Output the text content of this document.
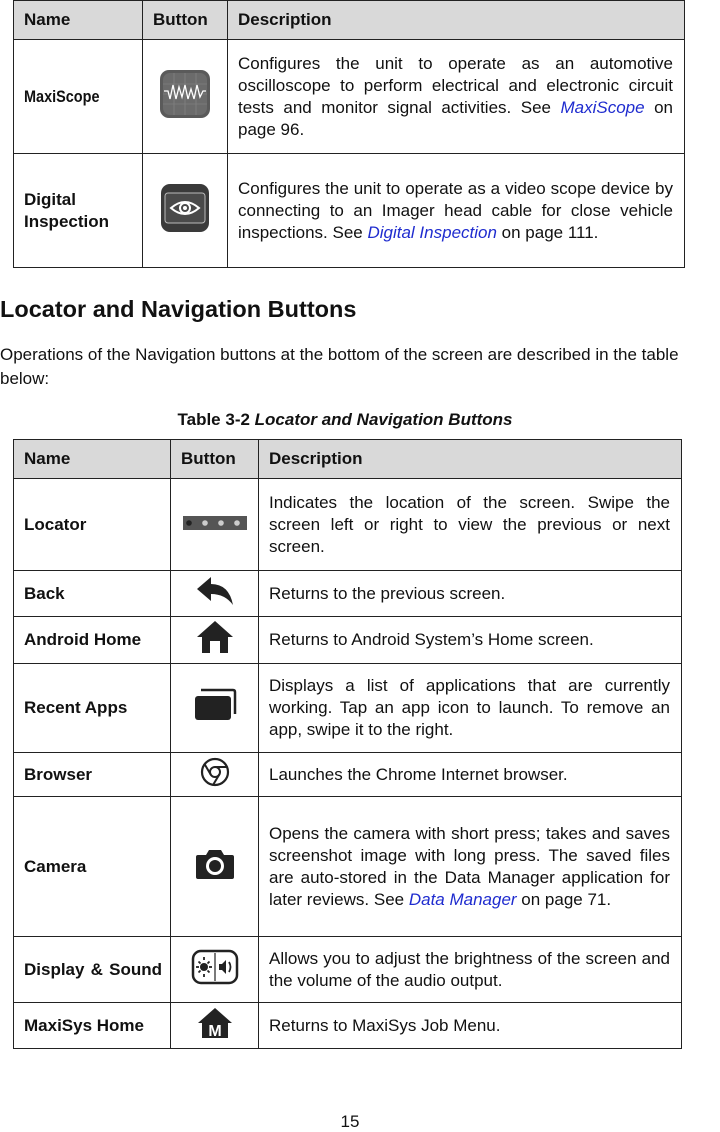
Name	Button	Description
MaxiScope		Configures the unit to operate as an automotive oscilloscope to perform electrical and electronic circuit tests and monitor signal activities. See MaxiScope on page 96.
Digital Inspection		Configures the unit to operate as a video scope device by connecting to an Imager head cable for close vehicle inspections. See Digital Inspection on page 111.
Locator and Navigation Buttons

Operations of the Navigation buttons at the bottom of the screen are described in the table below:

Table 3-2 Locator and Navigation Buttons

Name	Button	Description
Locator		Indicates the location of the screen. Swipe the screen left or right to view the previous or next screen.
Back		Returns to the previous screen.
Android Home		Returns to Android System’s Home screen.
Recent Apps		Displays a list of applications that are currently working. Tap an app icon to launch. To remove an app, swipe it to the right.
Browser		Launches the Chrome Internet browser.
Camera		Opens the camera with short press; takes and saves screenshot image with long press. The saved files are auto-stored in the Data Manager application for later reviews. See Data Manager on page 71.
Display & Sound		Allows you to adjust the brightness of the screen and the volume of the audio output.
MaxiSys Home	M	Returns to MaxiSys Job Menu.
15
